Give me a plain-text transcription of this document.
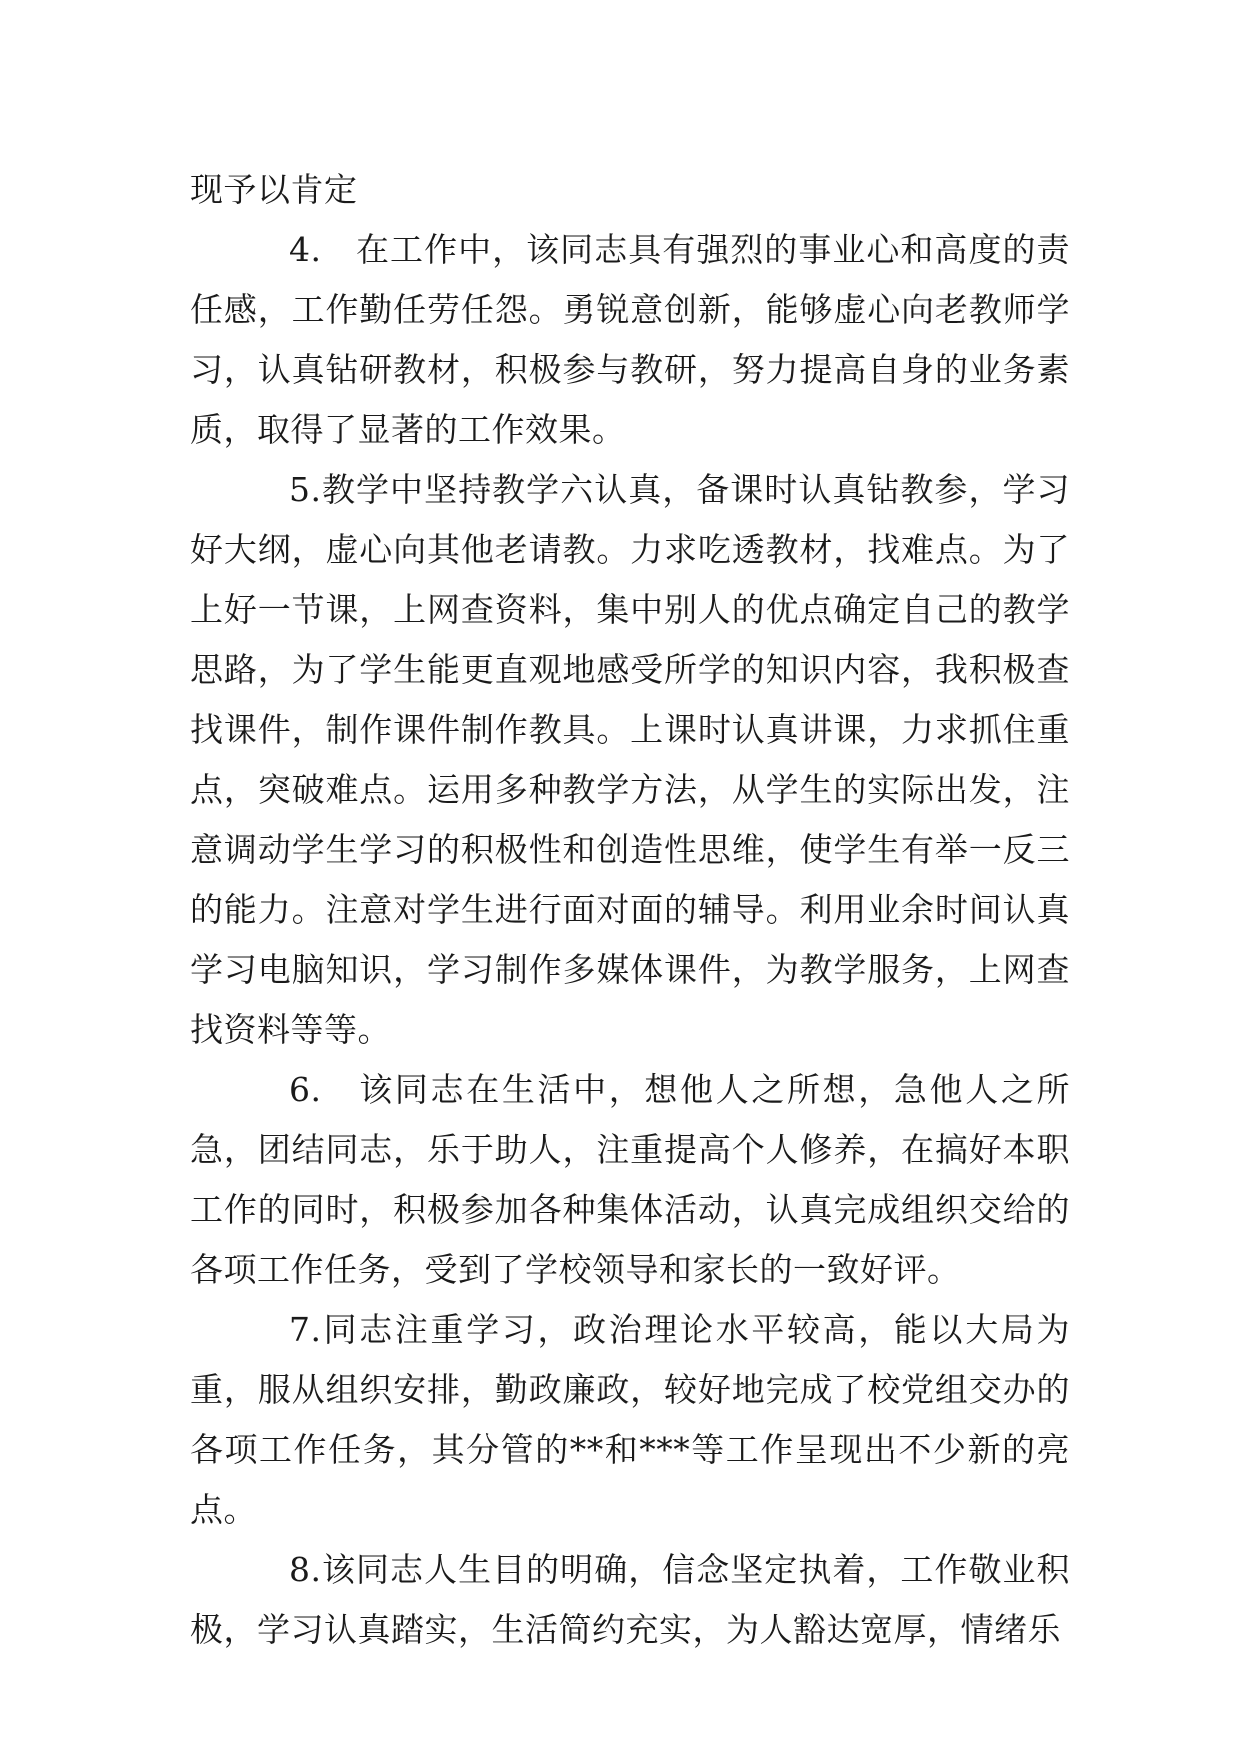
现予以肯定

4.　在工作中，该同志具有强烈的事业心和高度的责任感，工作勤任劳任怨。勇锐意创新，能够虚心向老教师学习，认真钻研教材，积极参与教研，努力提高自身的业务素质，取得了显著的工作效果。

5.教学中坚持教学六认真，备课时认真钻教参，学习好大纲，虚心向其他老请教。力求吃透教材，找难点。为了上好一节课，上网查资料，集中别人的优点确定自己的教学思路，为了学生能更直观地感受所学的知识内容，我积极查找课件，制作课件制作教具。上课时认真讲课，力求抓住重点，突破难点。运用多种教学方法，从学生的实际出发，注意调动学生学习的积极性和创造性思维，使学生有举一反三的能力。注意对学生进行面对面的辅导。利用业余时间认真学习电脑知识，学习制作多媒体课件，为教学服务，上网查找资料等等。

6.　该同志在生活中，想他人之所想，急他人之所急，团结同志，乐于助人，注重提高个人修养，在搞好本职工作的同时，积极参加各种集体活动，认真完成组织交给的各项工作任务，受到了学校领导和家长的一致好评。

7.同志注重学习，政治理论水平较高，能以大局为重，服从组织安排，勤政廉政，较好地完成了校党组交办的各项工作任务，其分管的**和***等工作呈现出不少新的亮点。

8.该同志人生目的明确，信念坚定执着，工作敬业积极，学习认真踏实，生活简约充实，为人豁达宽厚，情绪乐
